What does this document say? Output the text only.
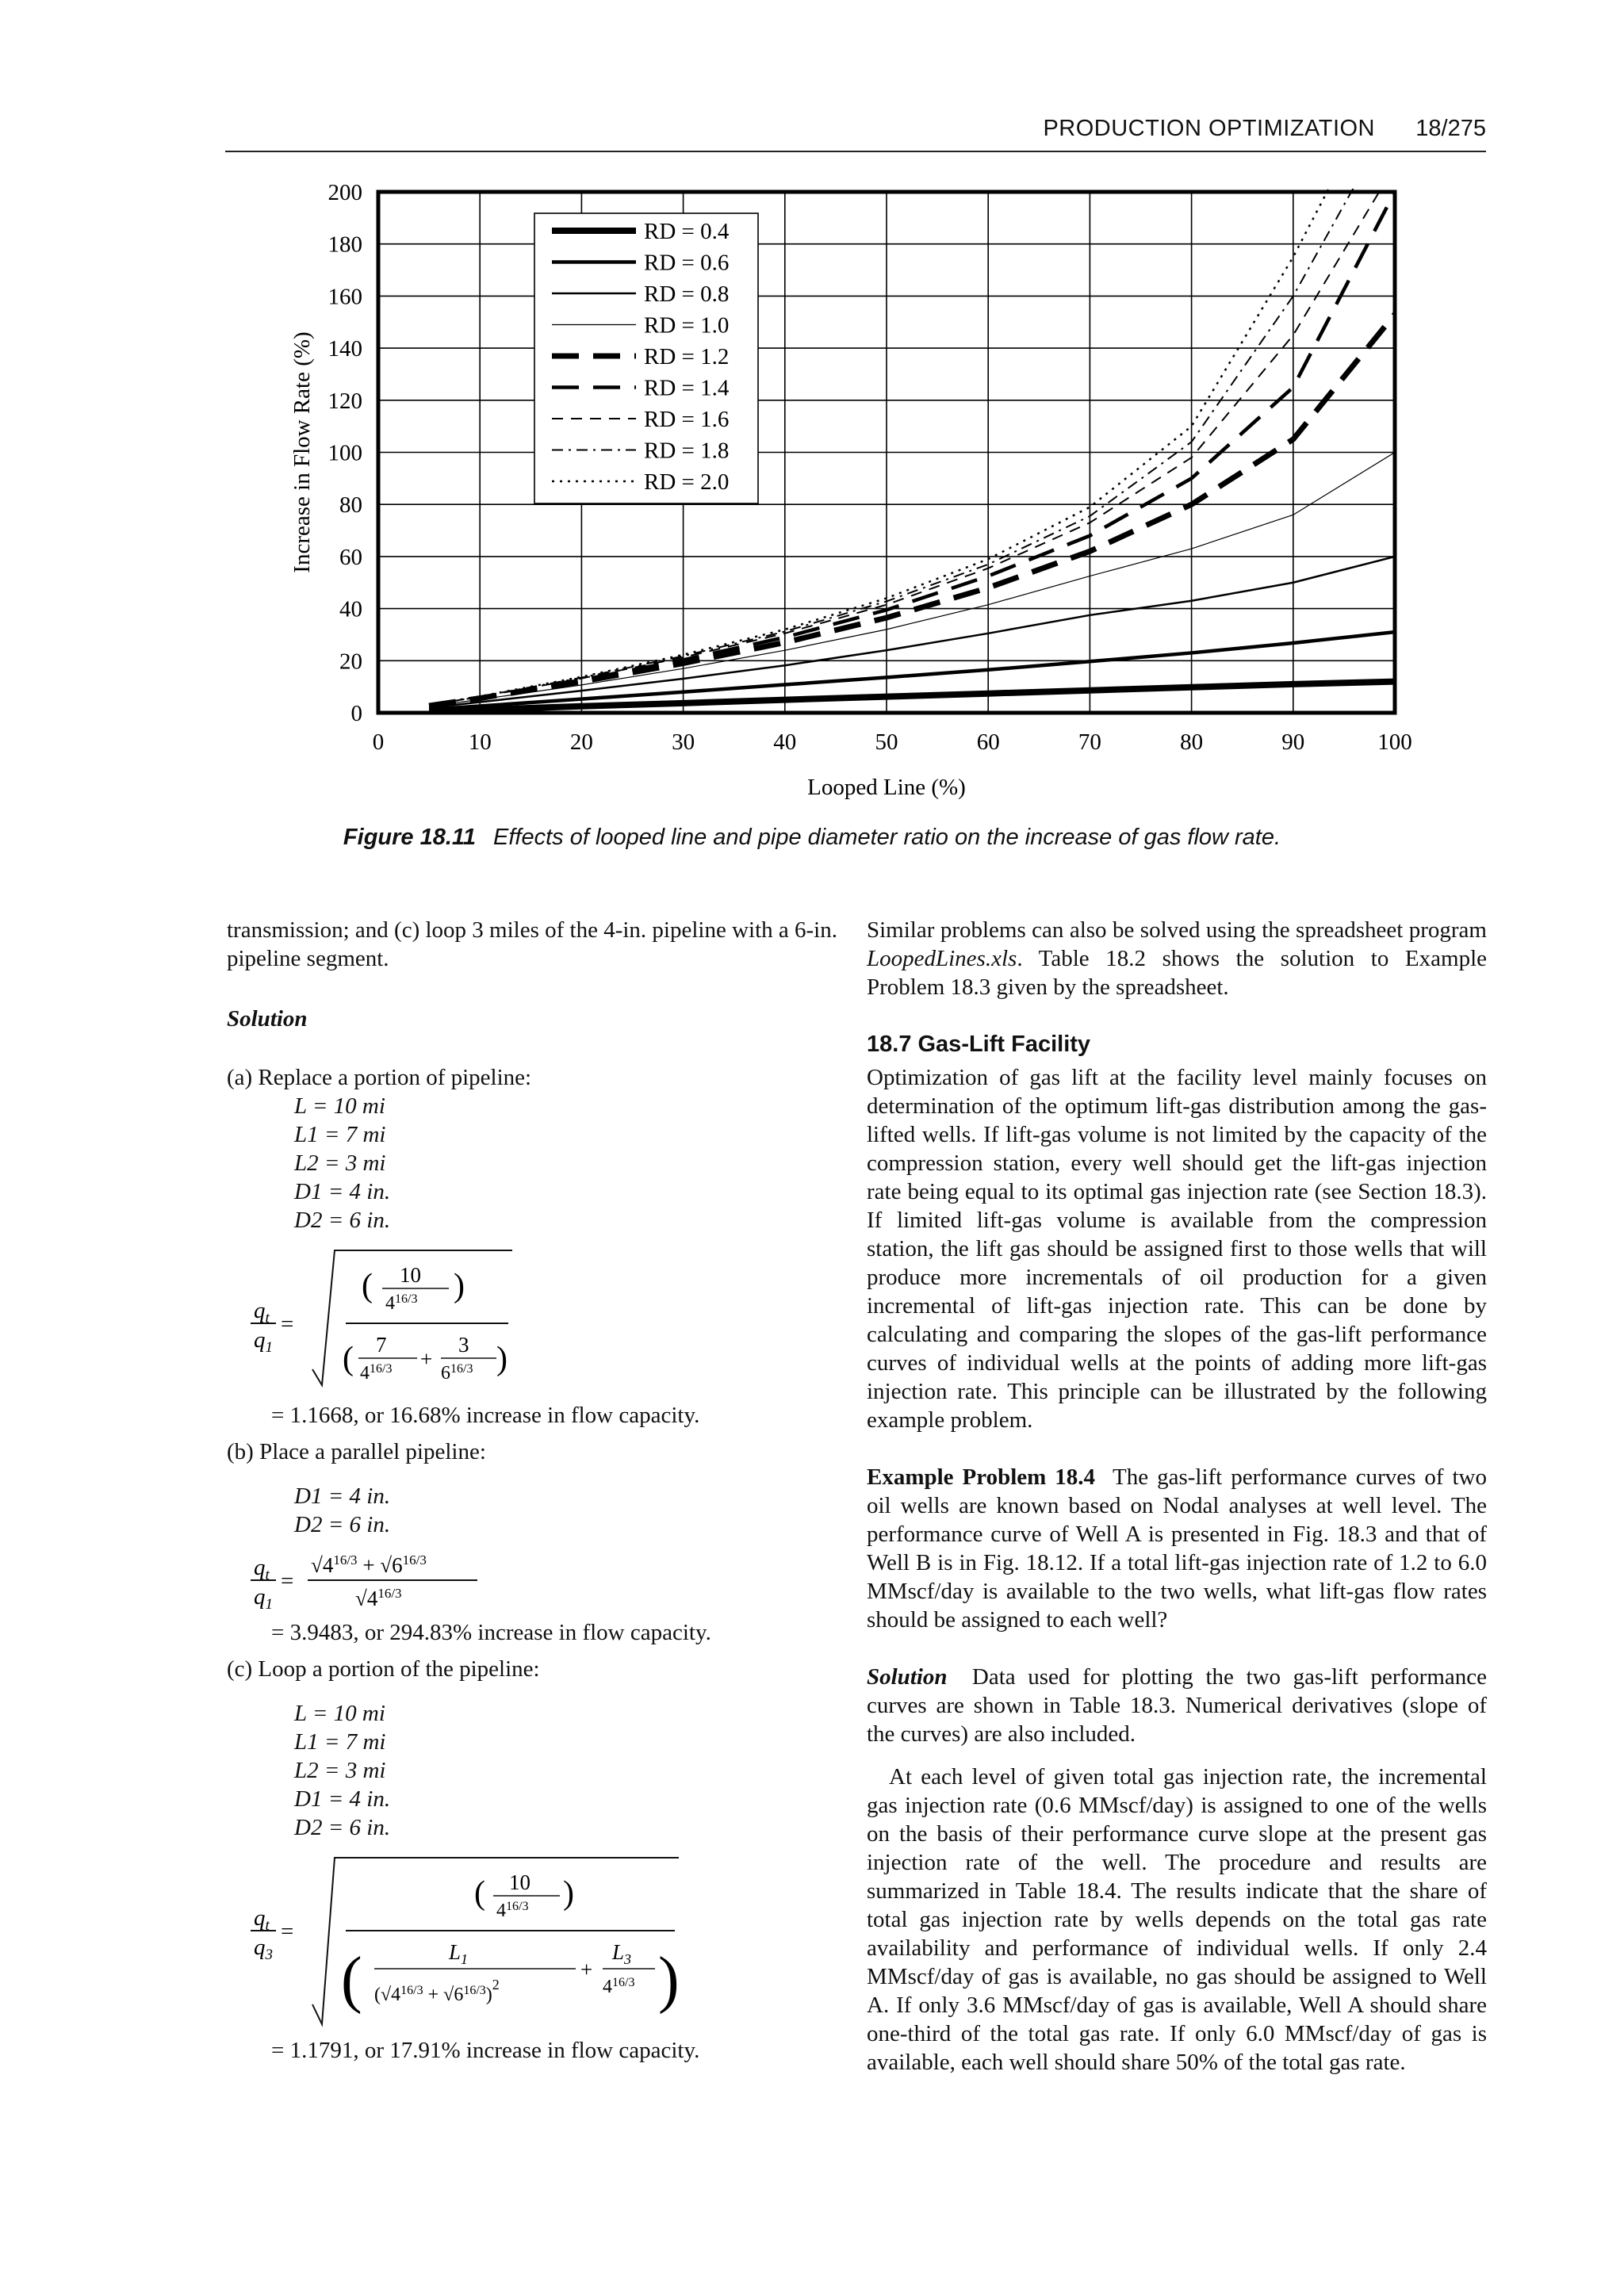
PRODUCTION OPTIMIZATION 18/275
0	10	20	30	40	50	60	70	80	90	100
0
20
40
60
80
100
120
140
160
180
200
Looped Line (%)
Increase in Flow Rate (%)
RD = 0.4
RD = 0.6
RD = 0.8
RD = 1.0
RD = 1.2
RD = 1.4
RD = 1.6
RD = 1.8
RD = 2.0
Figure 18.11 Effects of looped line and pipe diameter ratio on the increase of gas flow rate.

transmission; and (c) loop 3 miles of the 4-in. pipeline with a 6-in. pipeline segment.

Solution

(a) Replace a portion of pipeline:

L = 10 mi
L1 = 7 mi
L2 = 3 mi
D1 = 4 in.
D2 = 6 in.
$q_t$
$q_1$
=
( 10
$4^{16/3}$ )
( 7
$4^{16/3}$ +
3
$6^{16/3}$ )

= 1.1668, or 16.68% increase in flow capacity.

(b) Place a parallel pipeline:

D1 = 4 in.
D2 = 6 in.
$q_t$
$q_1$
=
$√4^{16/3} + √6^{16/3}$
$√4^{16/3}$

= 3.9483, or 294.83% increase in flow capacity.

(c) Loop a portion of the pipeline:

L = 10 mi
L1 = 7 mi
L2 = 3 mi
D1 = 4 in.
D2 = 6 in.
$q_t$
$q_3$
=
( 10
$4^{16/3}$ )
(	$L_1$
$(√4^{16/3} + √6^{16/3})^2$
+
$L_3$
$4^{16/3}$ )

= 1.1791, or 17.91% increase in flow capacity.

Similar problems can also be solved using the spreadsheet program LoopedLines.xls. Table 18.2 shows the solution to Example Problem 18.3 given by the spreadsheet.

18.7 Gas-Lift Facility

Optimization of gas lift at the facility level mainly focuses on determination of the optimum lift-gas distribution among the gas-lifted wells. If lift-gas volume is not limited by the capacity of the compression station, every well should get the lift-gas injection rate being equal to its optimal gas injection rate (see Section 18.3). If limited lift-gas volume is available from the compression station, the lift gas should be assigned first to those wells that will produce more incrementals of oil production for a given incremental of lift-gas injection rate. This can be done by calculating and comparing the slopes of the gas-lift performance curves of individual wells at the points of adding more lift-gas injection rate. This principle can be illustrated by the following example problem.

Example Problem 18.4 The gas-lift performance curves of two oil wells are known based on Nodal analyses at well level. The performance curve of Well A is presented in Fig. 18.3 and that of Well B is in Fig. 18.12. If a total lift-gas injection rate of 1.2 to 6.0 MMscf/day is available to the two wells, what lift-gas flow rates should be assigned to each well?

Solution Data used for plotting the two gas-lift performance curves are shown in Table 18.3. Numerical derivatives (slope of the curves) are also included.

At each level of given total gas injection rate, the incremental gas injection rate (0.6 MMscf/day) is assigned to one of the wells on the basis of their performance curve slope at the present gas injection rate of the well. The procedure and results are summarized in Table 18.4. The results indicate that the share of total gas injection rate by wells depends on the total gas rate availability and performance of individual wells. If only 2.4 MMscf/day of gas is available, no gas should be assigned to Well A. If only 3.6 MMscf/day of gas is available, Well A should share one-third of the total gas rate. If only 6.0 MMscf/day of gas is available, each well should share 50% of the total gas rate.
